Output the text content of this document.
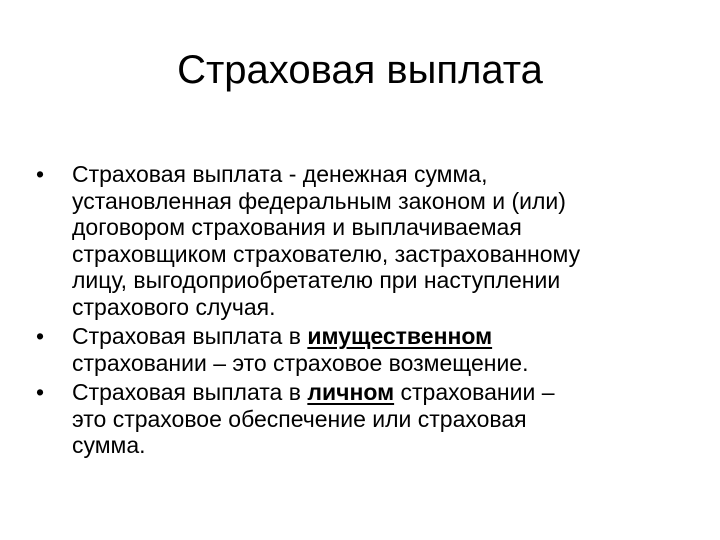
Страховая выплата
•	Страховая выплата - денежная сумма,
установленная федеральным законом и (или)
договором страхования и выплачиваемая
страховщиком страхователю, застрахованному
лицу, выгодоприобретателю при наступлении
страхового случая.
•	Страховая выплата в имущественном
страховании – это страховое возмещение.
•	Страховая выплата в личном страховании –
это страховое обеспечение или страховая
сумма.
